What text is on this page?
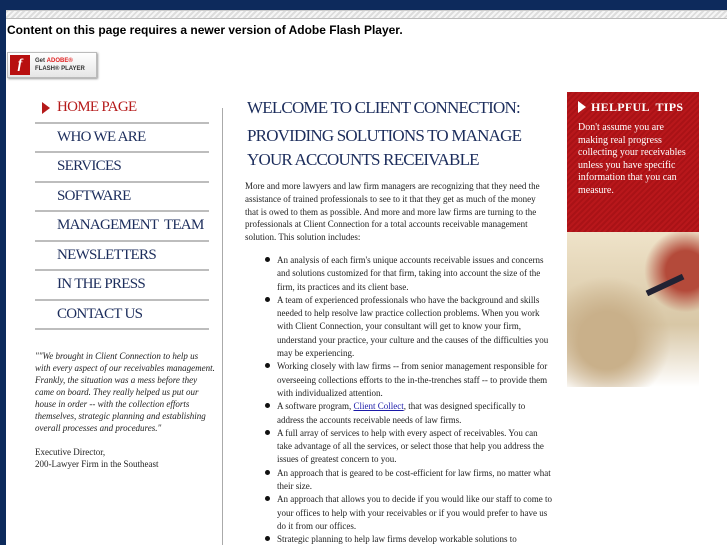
Content on this page requires a newer version of Adobe Flash Player.
f	Get ADOBE®
FLASH® PLAYER
HOME PAGE
WHO WE ARE
SERVICES
SOFTWARE
MANAGEMENT  TEAM
NEWSLETTERS
IN THE PRESS
CONTACT US
""We brought in Client Connection to help us with every aspect of our receivables management. Frankly, the situation was a mess before they came on board. They really helped us put our house in order -- with the collection efforts themselves, strategic planning and establishing overall processes and procedures."
Executive Director,
200-Lawyer Firm in the Southeast
WELCOME TO CLIENT CONNECTION:
PROVIDING SOLUTIONS TO MANAGE YOUR ACCOUNTS RECEIVABLE
More and more lawyers and law firm managers are recognizing that they need the assistance of trained professionals to see to it that they get as much of the money that is owed to them as possible. And more and more law firms are turning to the professionals at Client Connection for a total accounts receivable management solution. This solution includes:
An analysis of each firm's unique accounts receivable issues and concerns and solutions customized for that firm, taking into account the size of the firm, its practices and its client base.
A team of experienced professionals who have the background and skills needed to help resolve law practice collection problems. When you work with Client Connection, your consultant will get to know your firm, understand your practice, your culture and the causes of the difficulties you may be experiencing.
Working closely with law firms -- from senior management responsible for overseeing collections efforts to the in-the-trenches staff -- to provide them with individualized attention.
A software program, Client Collect, that was designed specifically to address the accounts receivable needs of law firms.
A full array of services to help with every aspect of receivables. You can take advantage of all the services, or select those that help you address the issues of greatest concern to you.
An approach that is geared to be cost-efficient for law firms, no matter what their size.
An approach that allows you to decide if you would like our staff to come to your offices to help with your receivables or if you would prefer to have us do it from our offices.
Strategic planning to help law firms develop workable solutions to
HELPFUL  TIPS

Don't assume you are making real progress collecting your receivables unless you have specific information that you can measure.
